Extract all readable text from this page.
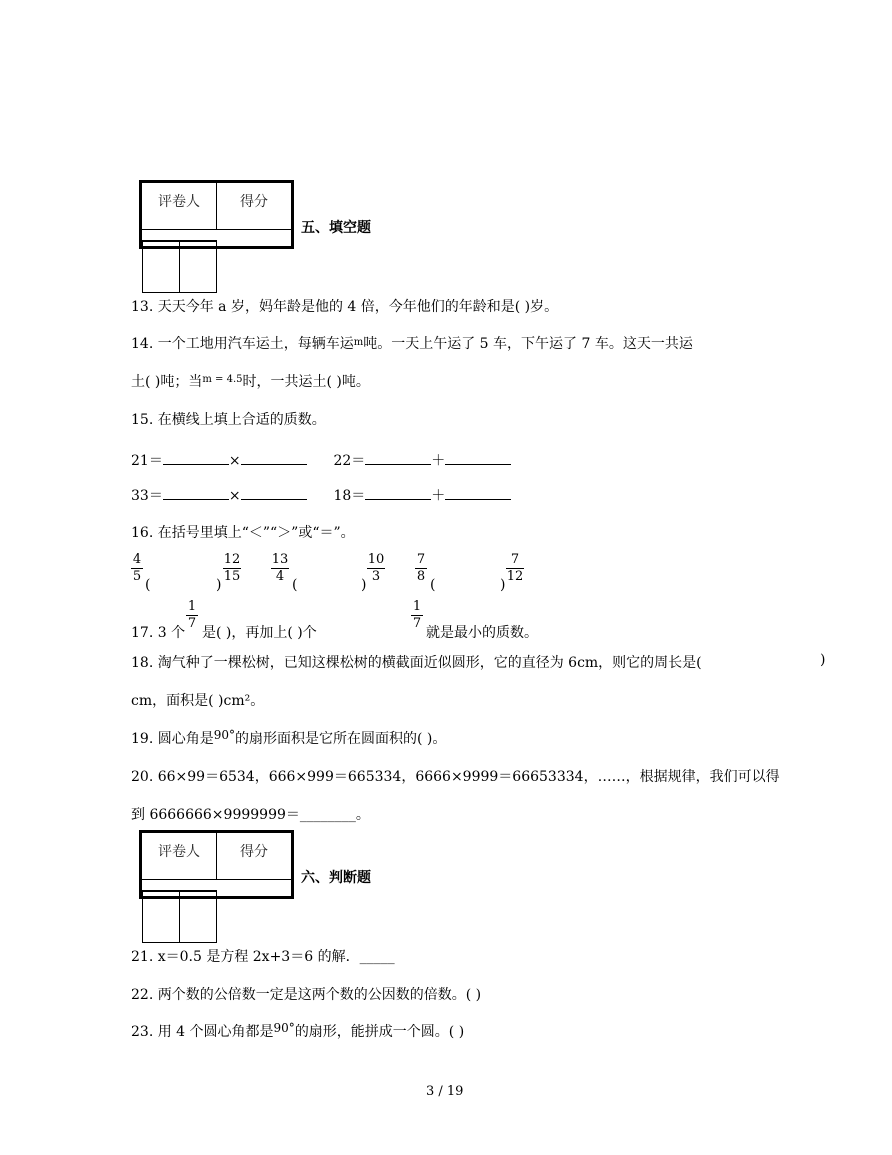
评卷人	得分

五、填空题
13. 天天今年 a 岁，妈年龄是他的 4 倍，今年他们的年龄和是( )岁。
14. 一个工地用汽车运土，每辆车运$^m$吨。一天上午运了 5 车，下午运了 7 车。这天一共运
土( )吨；当$^{m = 4.5}$时，一共运土( )吨。
15. 在横线上填上合适的质数。
21＝	×	22＝	＋
33＝	×	18＝	＋
16. 在括号里填上“＜”“＞”或“＝”。
4
5
(	)
12
15
13
4
(	)
10
3
7
8
(	)
7
12
17. 3 个
1
7
是( )，再加上( )个
1
7
就是最小的质数。
18. 淘气种了一棵松树，已知这棵松树的横截面近似圆形，它的直径为 6cm，则它的周长是(	)
cm，面积是( )cm²。
19. 圆心角是90°的扇形面积是它所在圆面积的( )。
20. 66×99＝6534，666×999＝665334，6666×9999＝66653334，……，根据规律，我们可以得
到 6666666×9999999＝________。
评卷人	得分

六、判断题
21. x＝0.5 是方程 2x+3＝6 的解．_____
22. 两个数的公倍数一定是这两个数的公因数的倍数。( )
23. 用 4 个圆心角都是90°的扇形，能拼成一个圆。( )
3 / 19
